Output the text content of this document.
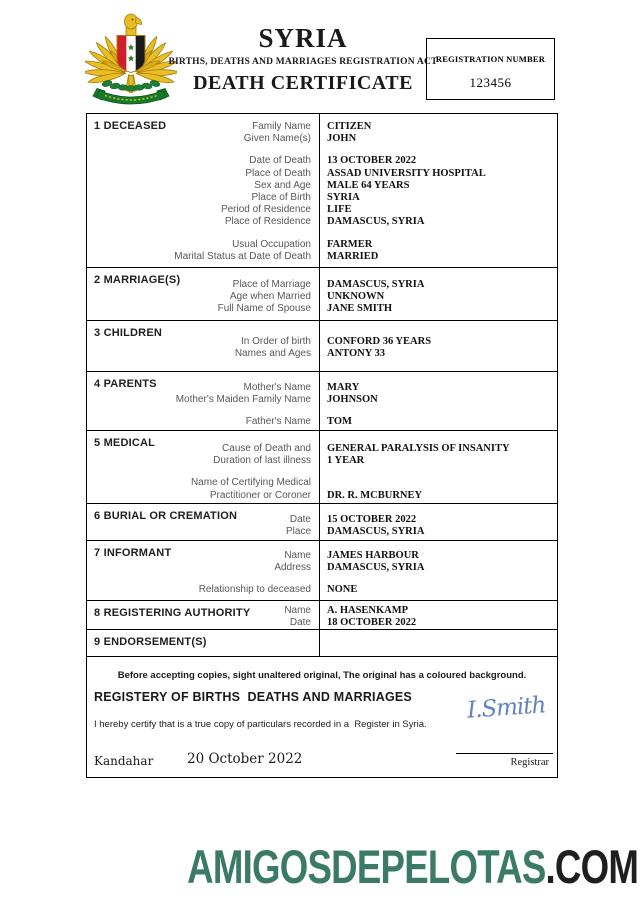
SYRIA
BIRTHS, DEATHS AND MARRIAGES REGISTRATION ACT
DEATH CERTIFICATE
REGISTRATION NUMBER
123456
1 DECEASED	Family Name	CITIZEN
Given Name(s)	JOHN
Date of Death	13 OCTOBER 2022
Place of Death	ASSAD UNIVERSITY HOSPITAL
Sex and Age	MALE 64 YEARS
Place of Birth	SYRIA
Period of Residence	LIFE
Place of Residence	DAMASCUS, SYRIA
Usual Occupation	FARMER
Marital Status at Date of Death	MARRIED
2 MARRIAGE(S)	Place of Marriage	DAMASCUS, SYRIA
Age when Married	UNKNOWN
Full Name of Spouse	JANE SMITH
3 CHILDREN
In Order of birth	CONFORD 36 YEARS
Names and Ages	ANTONY 33
4 PARENTS	Mother's Name	MARY
Mother's Maiden Family Name	JOHNSON
Father's Name	TOM
5 MEDICAL	Cause of Death and	GENERAL PARALYSIS OF INSANITY
Duration of last illness	1 YEAR
Name of Certifying Medical
Practitioner or Coroner	DR. R. MCBURNEY
6 BURIAL OR CREMATION	Date	15 OCTOBER 2022
Place	DAMASCUS, SYRIA
7 INFORMANT	Name	JAMES HARBOUR
Address	DAMASCUS, SYRIA
Relationship to deceased	NONE
8 REGISTERING AUTHORITY	Name	A. HASENKAMP
Date	18 OCTOBER 2022
9 ENDORSEMENT(S)
Before accepting copies, sight unaltered original, The original has a coloured background.
REGISTERY OF BIRTHS  DEATHS AND MARRIAGES
I hereby certify that is a true copy of particulars recorded in a  Register in Syria.
I.Smith
Registrar
Kandahar 20 October 2022
AMIGOSDEPELOTAS.COM
